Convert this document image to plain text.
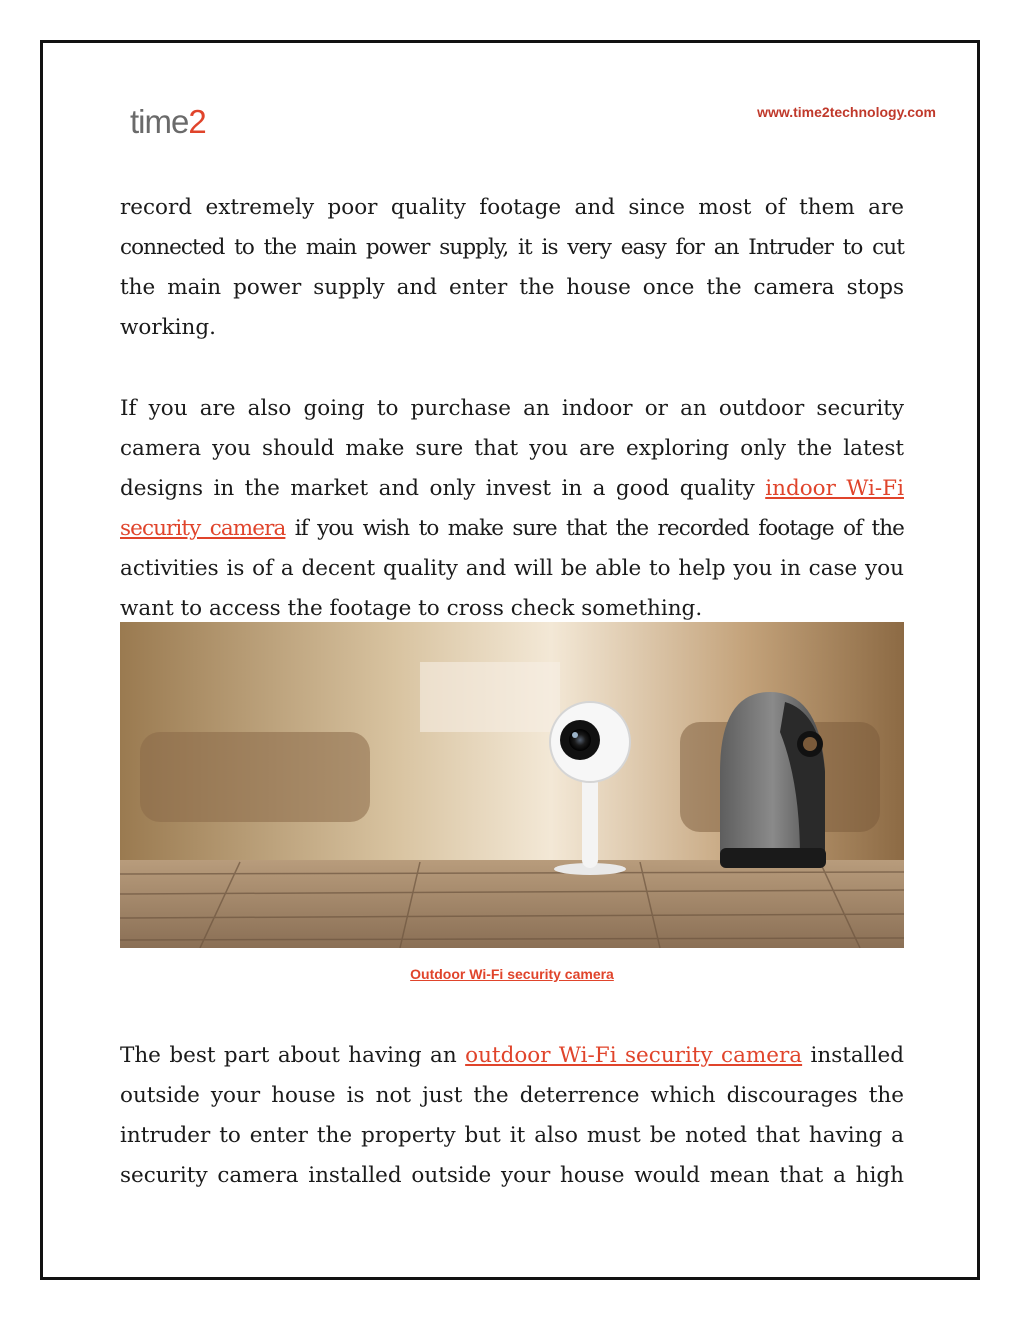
time2	www.time2technology.com

record extremely poor quality footage and since most of them are

connected to the main power supply, it is very easy for an Intruder to cut

the main power supply and enter the house once the camera stops

working.

If you are also going to purchase an indoor or an outdoor security

camera you should make sure that you are exploring only the latest

designs in the market and only invest in a good quality indoor Wi-Fi

security camera if you wish to make sure that the recorded footage of the

activities is of a decent quality and will be able to help you in case you

want to access the footage to cross check something.

Outdoor Wi-Fi security camera

The best part about having an outdoor Wi-Fi security camera installed

outside your house is not just the deterrence which discourages the

intruder to enter the property but it also must be noted that having a

security camera installed outside your house would mean that a high
